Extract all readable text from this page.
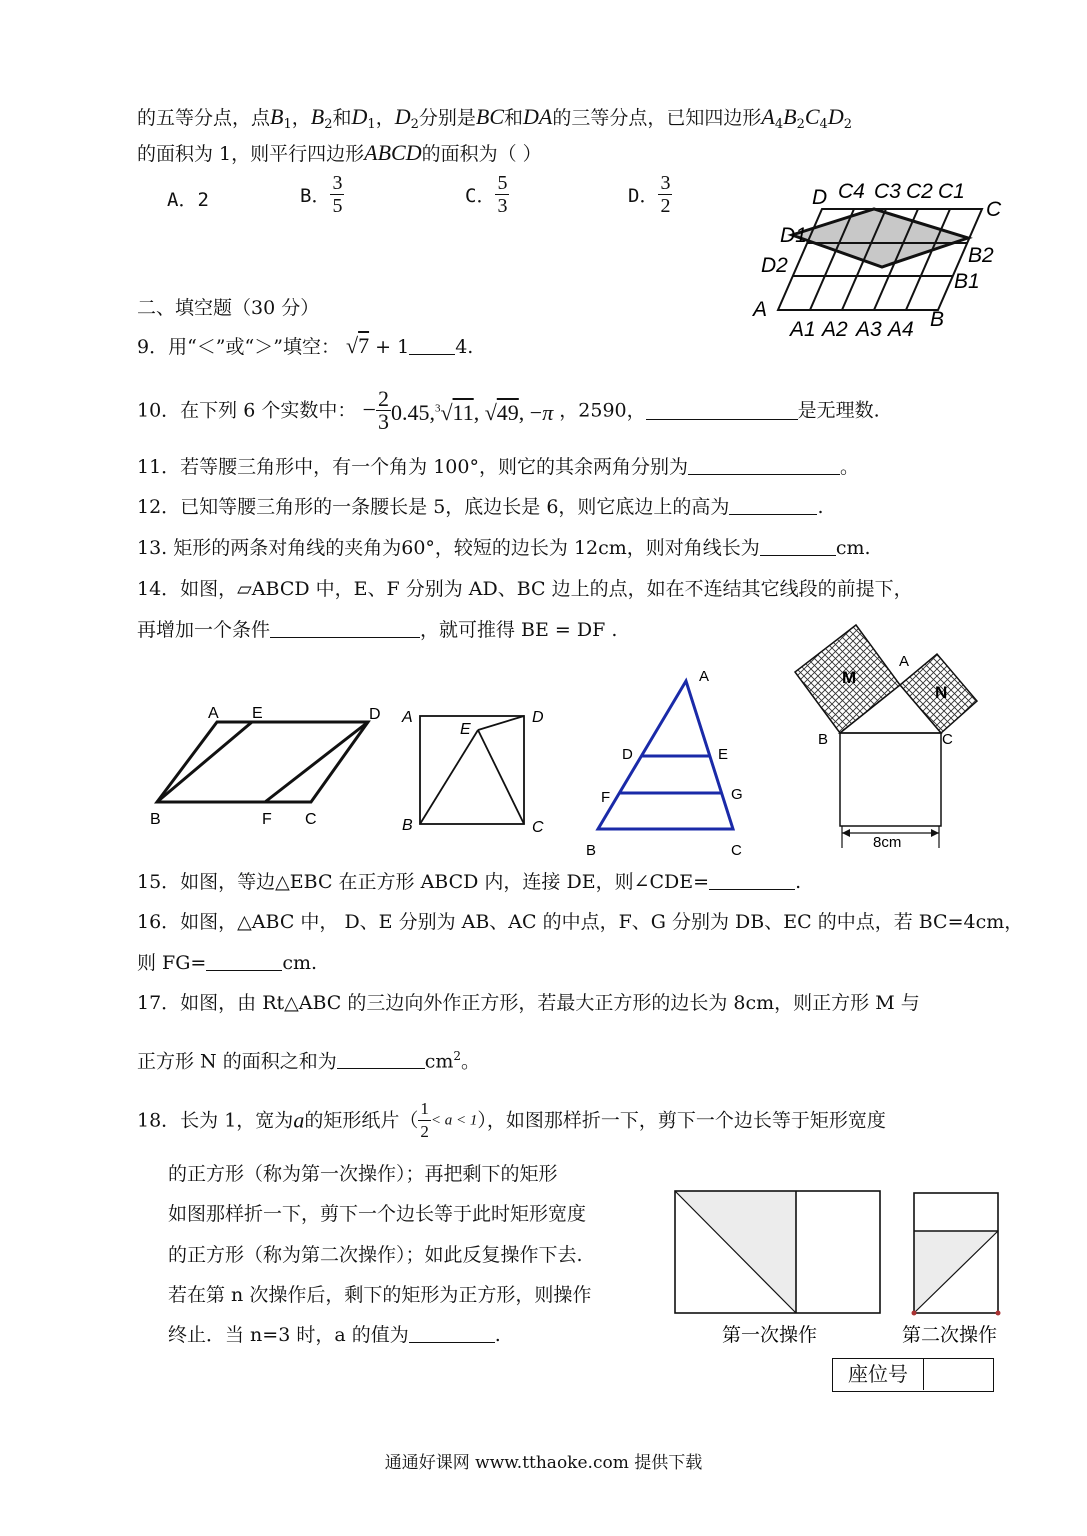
的五等分点，点$B_1$，$B_2$和$D_1$，$D_2$分别是BC和DA的三等分点，已知四边形$A_4B_2C_4D_2$
的面积为 1，则平行四边形ABCD的面积为（ ）
A．2	B． $\frac{3}{5}$	C． $\frac{5}{3}$	D． $\frac{3}{2}$	D C4 C3 C2 C1
C
D1
B2
D2
B1
A
A1 A2 A3 A4 B
二、填空题（30 分）
9．用“＜”或“＞”填空： √7 + 1 4.
10．在下列 6 个实数中： − $\frac{2}{3} 0.45,^3√11$, √49, −π ，2590，	是无理数.
11．若等腰三角形中，有一个角为 100°，则它的其余两角分别为	。
12．已知等腰三角形的一条腰长是 5，底边长是 6，则它底边上的高为	.
13. 矩形的两条对角线的夹角为60°，较短的边长为 12cm，则对角线长为	cm.
14．如图，▱ABCD 中，E、F 分别为 AD、BC 边上的点，如在不连结其它线段的前提下，
再增加一个条件	，就可推得 BE = DF .
A E	D
B	F C
A	D
E
B	C
A
D	E
F	G
B	C
M
A
N
B	C
8cm
15．如图，等边△EBC 在正方形 ABCD 内，连接 DE，则∠CDE=	.
16．如图，△ABC 中， D、E 分别为 AB、AC 的中点，F、G 分别为 DB、EC 的中点，若 BC=4cm，
则 FG=	cm.
17．如图，由 Rt△ABC 的三边向外作正方形，若最大正方形的边长为 8cm，则正方形 M 与
正方形 N 的面积之和为	$cm^2$。
18．长为 1，宽为a的矩形纸片（ $\frac{1}{2} < a < 1$），如图那样折一下，剪下一个边长等于矩形宽度
的正方形（称为第一次操作）；再把剩下的矩形
如图那样折一下，剪下一个边长等于此时矩形宽度
的正方形（称为第二次操作）；如此反复操作下去.
若在第 n 次操作后，剩下的矩形为正方形，则操作
终止．当 n=3 时，a 的值为	.	第一次操作	第二次操作
座位号
通通好课网 www.tthaoke.com 提供下载
